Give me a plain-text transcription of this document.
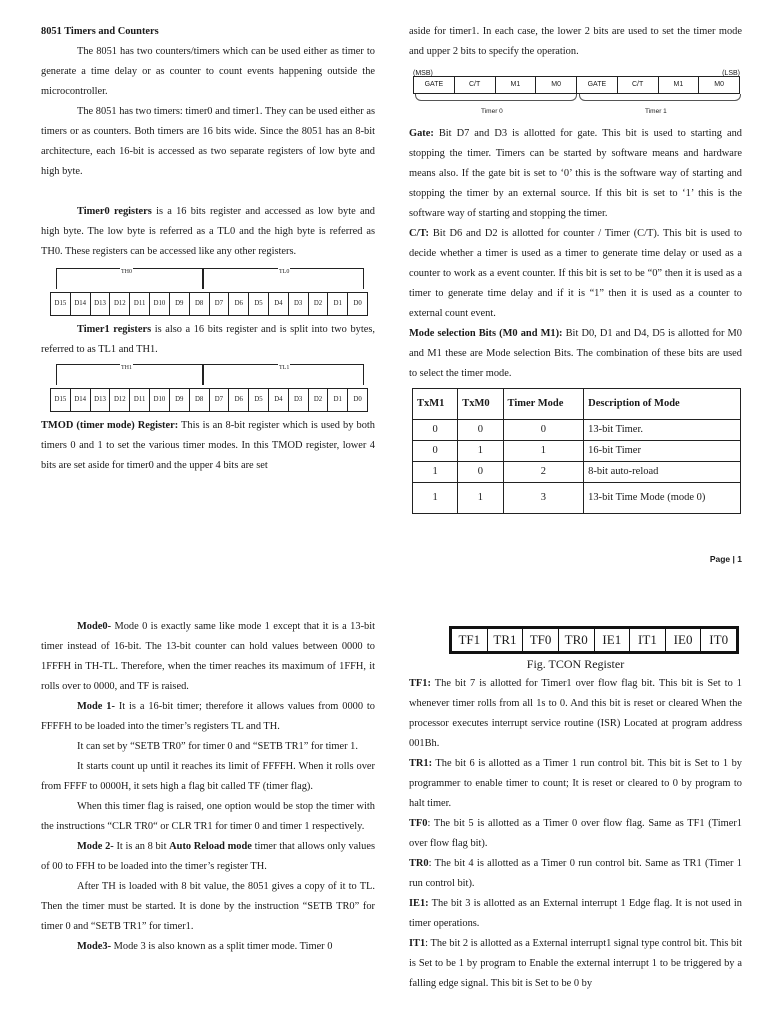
8051 Timers and Counters

The 8051 has two counters/timers which can be used either as timer to generate a time delay or as counter to count events happening outside the microcontroller.

The 8051 has two timers: timer0 and timer1. They can be used either as timers or as counters. Both timers are 16 bits wide. Since the 8051 has an 8-bit architecture, each 16-bit is accessed as two separate registers of low byte and high byte.

Timer0 registers is a 16 bits register and accessed as low byte and high byte. The low byte is referred as a TL0 and the high byte is referred as TH0. These registers can be accessed like any other registers.

TH0	TL0
D15	D14	D13	D12	D11	D10	D9	D8	D7	D6	D5	D4	D3	D2	D1	D0

Timer1 registers is also a 16 bits register and is split into two bytes, referred to as TL1 and TH1.

TH1	TL1
D15	D14	D13	D12	D11	D10	D9	D8	D7	D6	D5	D4	D3	D2	D1	D0

TMOD (timer mode) Register: This is an 8-bit register which is used by both timers 0 and 1 to set the various timer modes. In this TMOD register, lower 4 bits are set aside for timer0 and the upper 4 bits are set

aside for timer1. In each case, the lower 2 bits are used to set the timer mode and upper 2 bits to specify the operation.

(MSB)	(LSB)
GATE	C/T	M1	M0	GATE	C/T	M1	M0
Timer 0	Timer 1

Gate: Bit D7 and D3 is allotted for gate. This bit is used to starting and stopping the timer. Timers can be started by software means and hardware means also. If the gate bit is set to ‘0’ this is the software way of starting and stopping the timer by an external source. If this bit is set to ‘1’ this is the software way of starting and stopping the timer.

C/T: Bit D6 and D2 is allotted for counter / Timer (C/T). This bit is used to decide whether a timer is used as a timer to generate time delay or used as a counter to work as a event counter. If this bit is set to be “0” then it is used as a timer to generate time delay and if it is “1” then it is used as a counter to external count event.

Mode selection Bits (M0 and M1): Bit D0, D1 and D4, D5 is allotted for M0 and M1 these are Mode selection Bits. The combination of these bits are used to select the timer mode.

TxM1	TxM0	Timer Mode	Description of Mode
0	0	0	13-bit Timer.
0	1	1	16-bit Timer
1	0	2	8-bit auto-reload
1	1	3	13-bit Time Mode (mode 0)
Page | 1

Mode0- Mode 0 is exactly same like mode 1 except that it is a 13-bit timer instead of 16-bit. The 13-bit counter can hold values between 0000 to 1FFFH in TH-TL. Therefore, when the timer reaches its maximum of 1FFH, it rolls over to 0000, and TF is raised.

Mode 1- It is a 16-bit timer; therefore it allows values from 0000 to FFFFH to be loaded into the timer’s registers TL and TH.

It can set by “SETB TR0” for timer 0 and “SETB TR1” for timer 1.

It starts count up until it reaches its limit of FFFFH. When it rolls over from FFFF to 0000H, it sets high a flag bit called TF (timer flag).

When this timer flag is raised, one option would be stop the timer with the instructions “CLR TR0“ or CLR TR1 for timer 0 and timer 1 respectively.

Mode 2- It is an 8 bit Auto Reload mode timer that allows only values of 00 to FFH to be loaded into the timer’s register TH.

After TH is loaded with 8 bit value, the 8051 gives a copy of it to TL. Then the timer must be started. It is done by the instruction “SETB TR0” for timer 0 and “SETB TR1” for timer1.

Mode3- Mode 3 is also known as a split timer mode. Timer 0

TF1	TR1	TF0	TR0	IE1	IT1	IE0	IT0

Fig. TCON Register

TF1: The bit 7 is allotted for Timer1 over flow flag bit. This bit is Set to 1 whenever timer rolls from all 1s to 0. And this bit is reset or cleared When the processor executes interrupt service routine (ISR) Located at program address 001Bh.

TR1: The bit 6 is allotted as a Timer 1 run control bit. This bit is Set to 1 by programmer to enable timer to count; It is reset or cleared to 0 by program to halt timer.

TF0: The bit 5 is allotted as a Timer 0 over flow flag. Same as TF1 (Timer1 over flow flag bit).

TR0: The bit 4 is allotted as a Timer 0 run control bit. Same as TR1 (Timer 1 run control bit).

IE1: The bit 3 is allotted as an External interrupt 1 Edge flag. It is not used in timer operations.

IT1: The bit 2 is allotted as a External interrupt1 signal type control bit. This bit is Set to be 1 by program to Enable the external interrupt 1 to be triggered by a falling edge signal. This bit is Set to be 0 by
